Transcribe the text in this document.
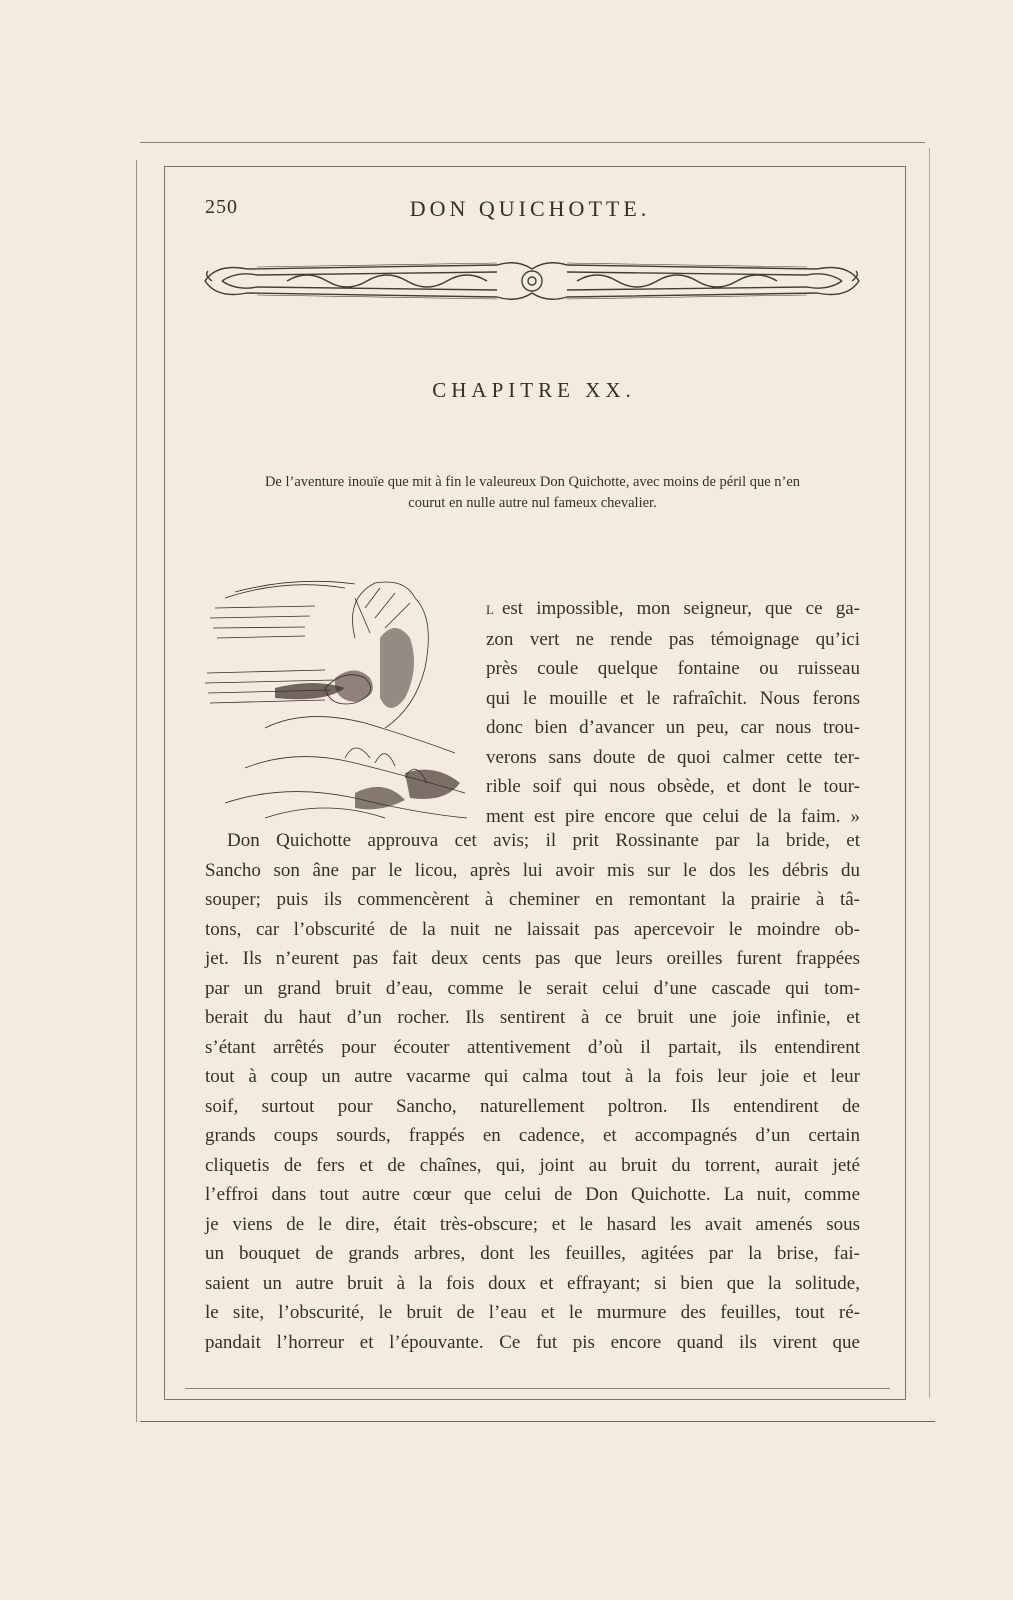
250	DON QUICHOTTE.
CHAPITRE XX.
De l’aventure inouïe que mit à fin le valeureux Don Quichotte, avec moins de péril que n’en
courut en nulle autre nul fameux chevalier.
L est impossible, mon seigneur, que ce ga-
zon vert ne rende pas témoignage qu’ici
près coule quelque fontaine ou ruisseau
qui le mouille et le rafraîchit. Nous ferons
donc bien d’avancer un peu, car nous trou-
verons sans doute de quoi calmer cette ter-
rible soif qui nous obsède, et dont le tour-
ment est pire encore que celui de la faim. »
Don Quichotte approuva cet avis; il prit Rossinante par la bride, et
Sancho son âne par le licou, après lui avoir mis sur le dos les débris du
souper; puis ils commencèrent à cheminer en remontant la prairie à tâ-
tons, car l’obscurité de la nuit ne laissait pas apercevoir le moindre ob-
jet. Ils n’eurent pas fait deux cents pas que leurs oreilles furent frappées
par un grand bruit d’eau, comme le serait celui d’une cascade qui tom-
berait du haut d’un rocher. Ils sentirent à ce bruit une joie infinie, et
s’étant arrêtés pour écouter attentivement d’où il partait, ils entendirent
tout à coup un autre vacarme qui calma tout à la fois leur joie et leur
soif, surtout pour Sancho, naturellement poltron. Ils entendirent de
grands coups sourds, frappés en cadence, et accompagnés d’un certain
cliquetis de fers et de chaînes, qui, joint au bruit du torrent, aurait jeté
l’effroi dans tout autre cœur que celui de Don Quichotte. La nuit, comme
je viens de le dire, était très-obscure; et le hasard les avait amenés sous
un bouquet de grands arbres, dont les feuilles, agitées par la brise, fai-
saient un autre bruit à la fois doux et effrayant; si bien que la solitude,
le site, l’obscurité, le bruit de l’eau et le murmure des feuilles, tout ré-
pandait l’horreur et l’épouvante. Ce fut pis encore quand ils virent que
